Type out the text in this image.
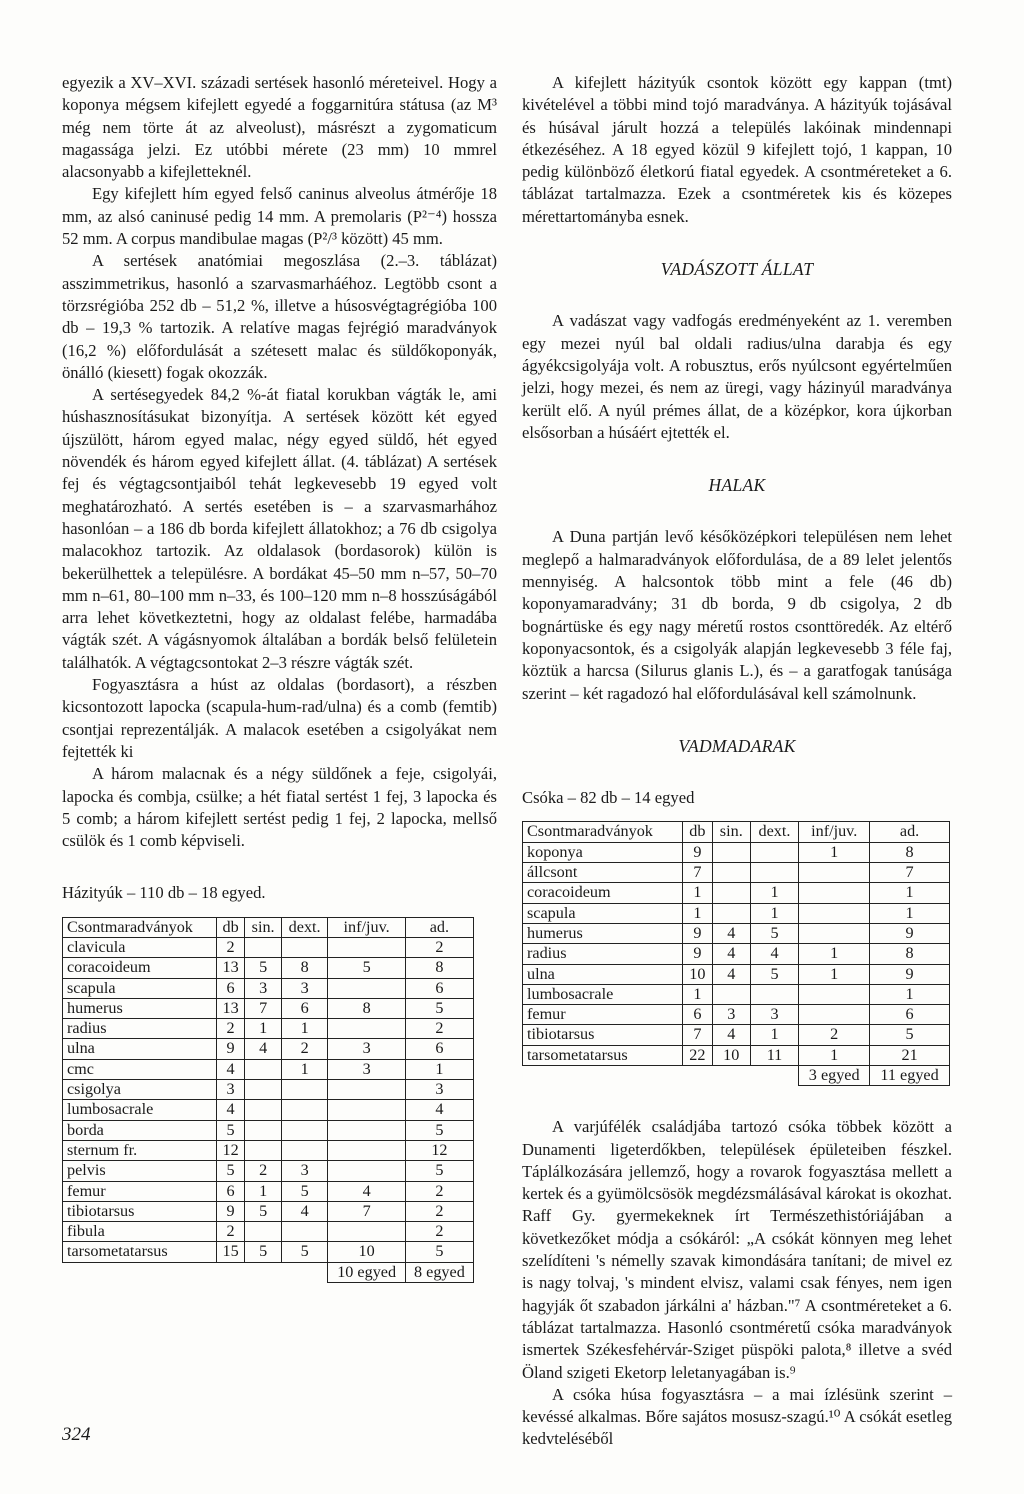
egyezik a XV–XVI. századi sertések hasonló méreteivel. Hogy a koponya mégsem kifejlett egyedé a foggarnitúra státusa (az M³ még nem törte át az alveolust), másrészt a zygomaticum magassága jelzi. Ez utóbbi mérete (23 mm) 10 mmrel alacsonyabb a kifejletteknél.

Egy kifejlett hím egyed felső caninus alveolus átmérője 18 mm, az alsó caninusé pedig 14 mm. A premolaris (P²⁻⁴) hossza 52 mm. A corpus mandibulae magas (P²/³ között) 45 mm.

A sertések anatómiai megoszlása (2.–3. táblázat) asszimmetrikus, hasonló a szarvasmarháéhoz. Legtöbb csont a törzsrégióba 252 db – 51,2 %, illetve a húsosvégtagrégióba 100 db – 19,3 % tartozik. A relatíve magas fejrégió maradványok (16,2 %) előfordulását a szétesett malac és süldőkoponyák, önálló (kiesett) fogak okozzák.

A sertésegyedek 84,2 %-át fiatal korukban vágták le, ami húshasznosításukat bizonyítja. A sertések között két egyed újszülött, három egyed malac, négy egyed süldő, hét egyed növendék és három egyed kifejlett állat. (4. táblázat) A sertések fej és végtagcsontjaiból tehát legkevesebb 19 egyed volt meghatározható. A sertés esetében is – a szarvasmarhához hasonlóan – a 186 db borda kifejlett állatokhoz; a 76 db csigolya malacokhoz tartozik. Az oldalasok (bordasorok) külön is bekerülhettek a településre. A bordákat 45–50 mm n–57, 50–70 mm n–61, 80–100 mm n–33, és 100–120 mm n–8 hosszúságából arra lehet következtetni, hogy az oldalast felébe, harmadába vágták szét. A vágásnyomok általában a bordák belső felületein találhatók. A végtagcsontokat 2–3 részre vágták szét.

Fogyasztásra a húst az oldalas (bordasort), a részben kicsontozott lapocka (scapula-hum-rad/ulna) és a comb (femtib) csontjai reprezentálják. A malacok esetében a csigolyákat nem fejtették ki

A három malacnak és a négy süldőnek a feje, csigolyái, lapocka és combja, csülke; a hét fiatal sertést 1 fej, 3 lapocka és 5 comb; a három kifejlett sertést pedig 1 fej, 2 lapocka, mellső csülök és 1 comb képviseli.

Házityúk – 110 db – 18 egyed.

Csontmaradványok	db	sin.	dext.	inf/juv.	ad.
clavicula	2				2
coracoideum	13	5	8	5	8
scapula	6	3	3		6
humerus	13	7	6	8	5
radius	2	1	1		2
ulna	9	4	2	3	6
cmc	4		1	3	1
csigolya	3				3
lumbosacrale	4				4
borda	5				5
sternum fr.	12				12
pelvis	5	2	3		5
femur	6	1	5	4	2
tibiotarsus	9	5	4	7	2
fibula	2				2
tarsometatarsus	15	5	5	10	5
				10 egyed	8 egyed

A kifejlett házityúk csontok között egy kappan (tmt) kivételével a többi mind tojó maradványa. A házityúk tojásával és húsával járult hozzá a település lakóinak mindennapi étkezéséhez. A 18 egyed közül 9 kifejlett tojó, 1 kappan, 10 pedig különböző életkorú fiatal egyedek. A csontméreteket a 6. táblázat tartalmazza. Ezek a csontméretek kis és közepes mérettartományba esnek.

VADÁSZOTT ÁLLAT

A vadászat vagy vadfogás eredményeként az 1. veremben egy mezei nyúl bal oldali radius/ulna darabja és egy ágyékcsigolyája volt. A robusztus, erős nyúlcsont egyértelműen jelzi, hogy mezei, és nem az üregi, vagy házinyúl maradványa került elő. A nyúl prémes állat, de a középkor, kora újkorban elsősorban a húsáért ejtették el.

HALAK

A Duna partján levő későközépkori településen nem lehet meglepő a halmaradványok előfordulása, de a 89 lelet jelentős mennyiség. A halcsontok több mint a fele (46 db) koponyamaradvány; 31 db borda, 9 db csigolya, 2 db bognártüske és egy nagy méretű rostos csonttöredék. Az eltérő koponyacsontok, és a csigolyák alapján legkevesebb 3 féle faj, köztük a harcsa (Silurus glanis L.), és – a garatfogak tanúsága szerint – két ragadozó hal előfordulásával kell számolnunk.

VADMADARAK

Csóka – 82 db – 14 egyed

Csontmaradványok	db	sin.	dext.	inf/juv.	ad.
koponya	9			1	8
állcsont	7				7
coracoideum	1		1		1
scapula	1		1		1
humerus	9	4	5		9
radius	9	4	4	1	8
ulna	10	4	5	1	9
lumbosacrale	1				1
femur	6	3	3		6
tibiotarsus	7	4	1	2	5
tarsometatarsus	22	10	11	1	21
				3 egyed	11 egyed

A varjúfélék családjába tartozó csóka többek között a Dunamenti ligeterdőkben, települések épületeiben fészkel. Táplálkozására jellemző, hogy a rovarok fogyasztása mellett a kertek és a gyümölcsösök megdézsmálásával károkat is okozhat. Raff Gy. gyermekeknek írt Természethistóriájában a következőket módja a csókáról: „A csókát könnyen meg lehet szelídíteni 's némelly szavak kimondására tanítani; de mivel ez is nagy tolvaj, 's mindent elvisz, valami csak fényes, nem igen hagyják őt szabadon járkálni a' házban."⁷ A csontméreteket a 6. táblázat tartalmazza. Hasonló csontméretű csóka maradványok ismertek Székesfehérvár-Sziget püspöki palota,⁸ illetve a svéd Öland szigeti Eketorp leletanyagában is.⁹

A csóka húsa fogyasztásra – a mai ízlésünk szerint – kevéssé alkalmas. Bőre sajátos mosusz-szagú.¹⁰ A csókát esetleg kedvteléséből

324
